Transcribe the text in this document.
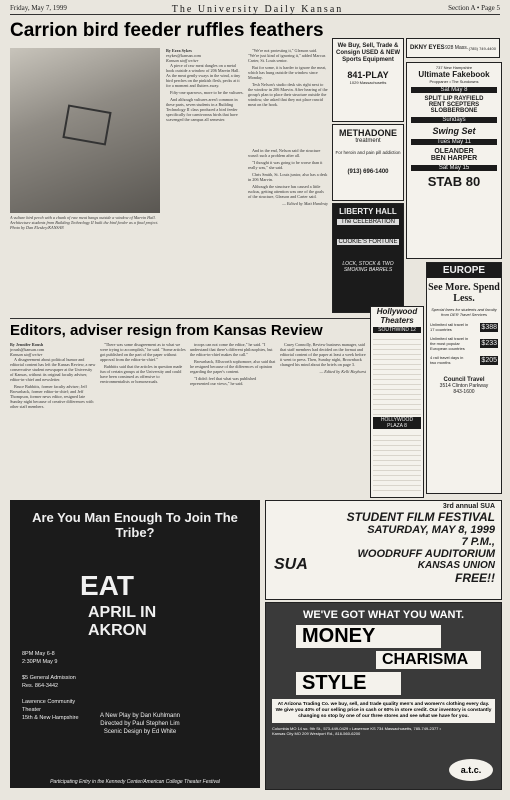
Friday, May 7, 1999	The University Daily Kansan	Section A • Page 5
Carrion bird feeder ruffles feathers
A vulture bird perch with a chunk of raw meat hangs outside a window of Marvin Hall. Architecture students from Building Technology II built the bird feeder as a final project. Photo by Dan Eleskey/KANSAN
By Ezra Sykes
esykes@kansan.com
Kansan staff writer

A piece of raw meat dangles on a metal hook outside a window of 206 Marvin Hall. As the meat gently sways in the wind, a tiny bird perches on the pinkish flesh, pecks at it for a moment and flutters away.

Fifty-one sparrows, more to be the vultures.

And although vultures aren't common in these parts, seven students in a Building Technology II class produced a bird feeder specifically for carnivorous birds that have scavenged the campus all semester.

"We're not protesting it," Gleason said. "We're just kind of ignoring it," added Marcus Carter, St. Louis senior.

But for some, it is harder to ignore the meat, which has hung outside the window since Monday.

Tesh Nelson's studio desk sits right next to the window in 206 Marvin. After hearing of the group's plan to place their structure outside the window, she asked that they not place rancid meat on the hook.

And in the end, Nelson said the structure wasn't such a problem after all.

"I thought it was going to be worse than it really was," she said.

Chris Smith, St. Louis junior, also has a desk in 206 Marvin.

Although the structure has caused a little ruckus, getting attention was one of the goals of the structure, Gleason and Carter said.

— Edited by Matt Hardesty

We Buy, Sell, Trade & Consign USED & NEW Sports Equipment
841-PLAY
1029 Massachusetts
METHADONE
treatment
For heroin and pain pill addiction
(913) 696-1400
LIBERTY HALL
The CELEBRATION
COOKIE'S FORTUNE
LOCK, STOCK & TWO SMOKING BARRELS
DKNY EYES 928 Mass. (785) 749-4400
737 New Hampshire
Ultimate Fakebook
Proppaner • The Sundowns
Sat May 8
SPLIT LIP RAYFIELD
RENT SCEPTERS
SLOBBERBONE
Sundays
Swing Set
Tues May 11
OLEANDER
BEN HARPER
Sat May 15
STAB 80
Editors, adviser resign from Kansas Review
By Jennifer Roush
jroush@kansan.com
Kansan staff writer

A disagreement about political humor and editorial content has left the Kansas Review, a new conservative student newspaper at the University of Kansas, without its original faculty adviser, editor-in-chief and newsletter.

Bruce Bubbitts, former faculty adviser; Jeff Brownback, former editor-in-chief; and Jeff Thompson, former news editor, resigned late Sunday night because of creative differences with other staff members.

"There was some disagreement as to what we were trying to accomplish," he said. "Some articles got published on the part of the paper without approval from the editor-in-chief."

Bubbitts said that the articles in question made fun of certain groups at the University and could have been construed as offensive to environmentalists or homosexuals.

troops can not come the editor," he said. "I understand that there's different philosophies, but the editor-in-chief makes the call."

Brownback, Ellsworth sophomore, also said that he resigned because of the differences of opinion regarding the paper's content.

"I didn't feel that what was published represented our views," he said.

Casey Connolly, Review business manager, said that staff members had decided on the format and editorial content of the paper at least a week before it went to press. Then, Sunday night, Brownback changed his mind about the briefs on page 3.

— Edited by Kelli Hayhurst

Hollywood Theaters
SOUTHWIND 12
HOLLYWOOD PLAZA 8
EUROPE
See More. Spend Less.
Special fares for students and faculty from DER Travel Services
Unlimited rail travel in 17 countries	$388
Unlimited rail travel in the most popular European countries
$233
4 rail travel days in two months	$205
Council Travel
3514 Clinton Parkway
843-1600
Are You Man Enough To Join The Tribe?
EAT
APRIL IN AKRON
8PM May 6-8
2:30PM May 9
$5 General Admission
Res. 864-3442
Lawrence Community Theater
15th & New Hampshire	A New Play by Dan Kuhlmann
Directed by Paul Stephen Lim
Scenic Design by Ed White
Participating Entry in the Kennedy Center/American College Theater Festival
3rd annual SUA
STUDENT FILM FESTIVAL
SATURDAY, MAY 8, 1999
7 P.M.,
WOODRUFF AUDITORIUM
KANSAS UNION
FREE!!
SUA
WE'VE GOT WHAT YOU WANT.
MONEY
CHARISMA
STYLE
At Arizona Trading Co. we buy, sell, and trade quality men's and women's clothing every day. We give you 40% of our selling price in cash or 60% in store credit. Our inventory is constantly changing so stop by one of our three stores and see what we have for you.
Columbia MO 14 so. 9th St., 573-449-0429 • Lawrence KS 734 Massachusetts, 785-749-2377 • Kansas City MO 209 Westport Rd., 816-560-6200
a.t.c.
